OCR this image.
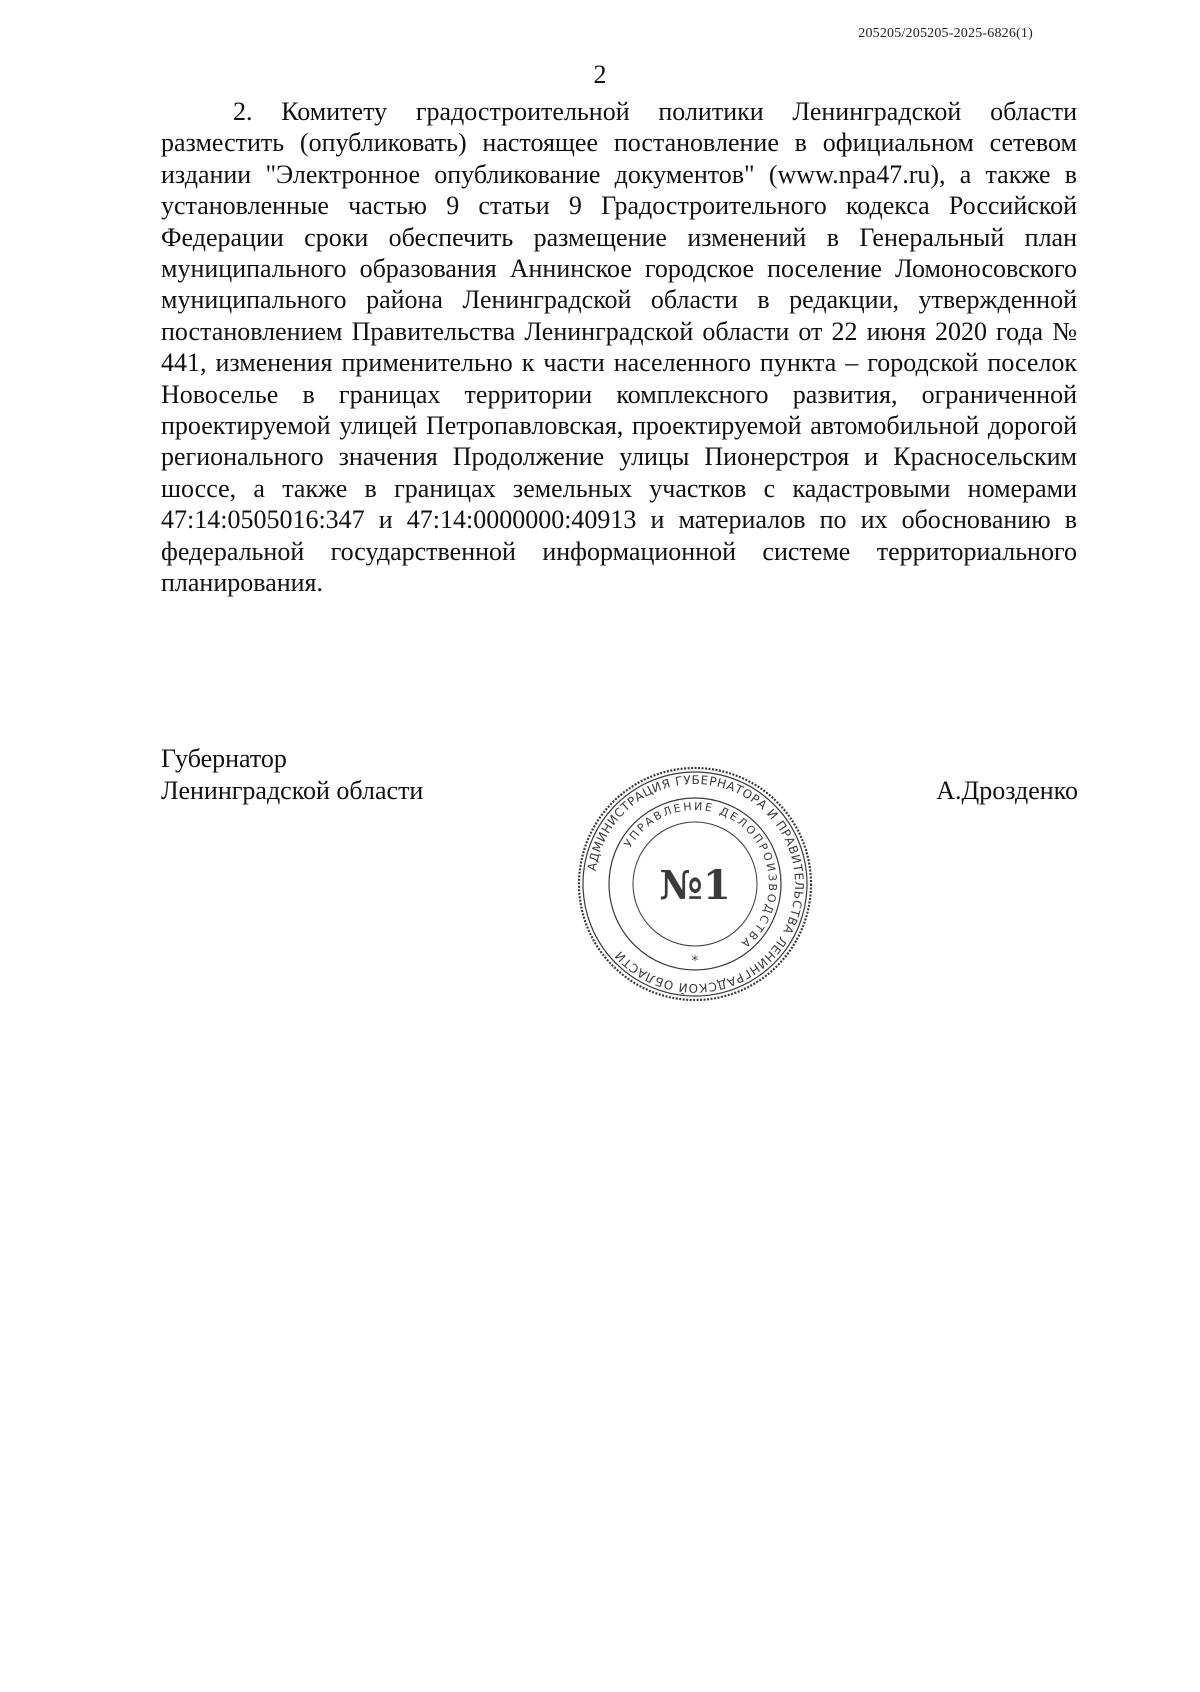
205205/205205-2025-6826(1)
2

2. Комитету градостроительной политики Ленинградской области разместить (опубликовать) настоящее постановление в официальном сетевом издании "Электронное опубликование документов" (www.npa47.ru), а также в установленные частью 9 статьи 9 Градостроительного кодекса Российской Федерации сроки обеспечить размещение изменений в Генеральный план муниципального образования Аннинское городское поселение Ломоносовского муниципального района Ленинградской области в редакции, утвержденной постановлением Правительства Ленинградской области от 22 июня 2020 года № 441, изменения применительно к части населенного пункта – городской поселок Новоселье в границах территории комплексного развития, ограниченной проектируемой улицей Петропавловская, проектируемой автомобильной дорогой регионального значения Продолжение улицы Пионерстроя и Красносельским шоссе, а также в границах земельных участков с кадастровыми номерами 47:14:0505016:347 и 47:14:0000000:40913 и материалов по их обоснованию в федеральной государственной информационной системе территориального планирования.

Губернатор
Ленинградской области	А.Дрозденко
АДМИНИСТРАЦИЯ ГУБЕРНАТОРА И ПРАВИТЕЛЬСТВА ЛЕНИНГРАДСКОЙ ОБЛАСТИ
УПРАВЛЕНИЕ ДЕЛОПРОИЗВОДСТВА
№1
*
